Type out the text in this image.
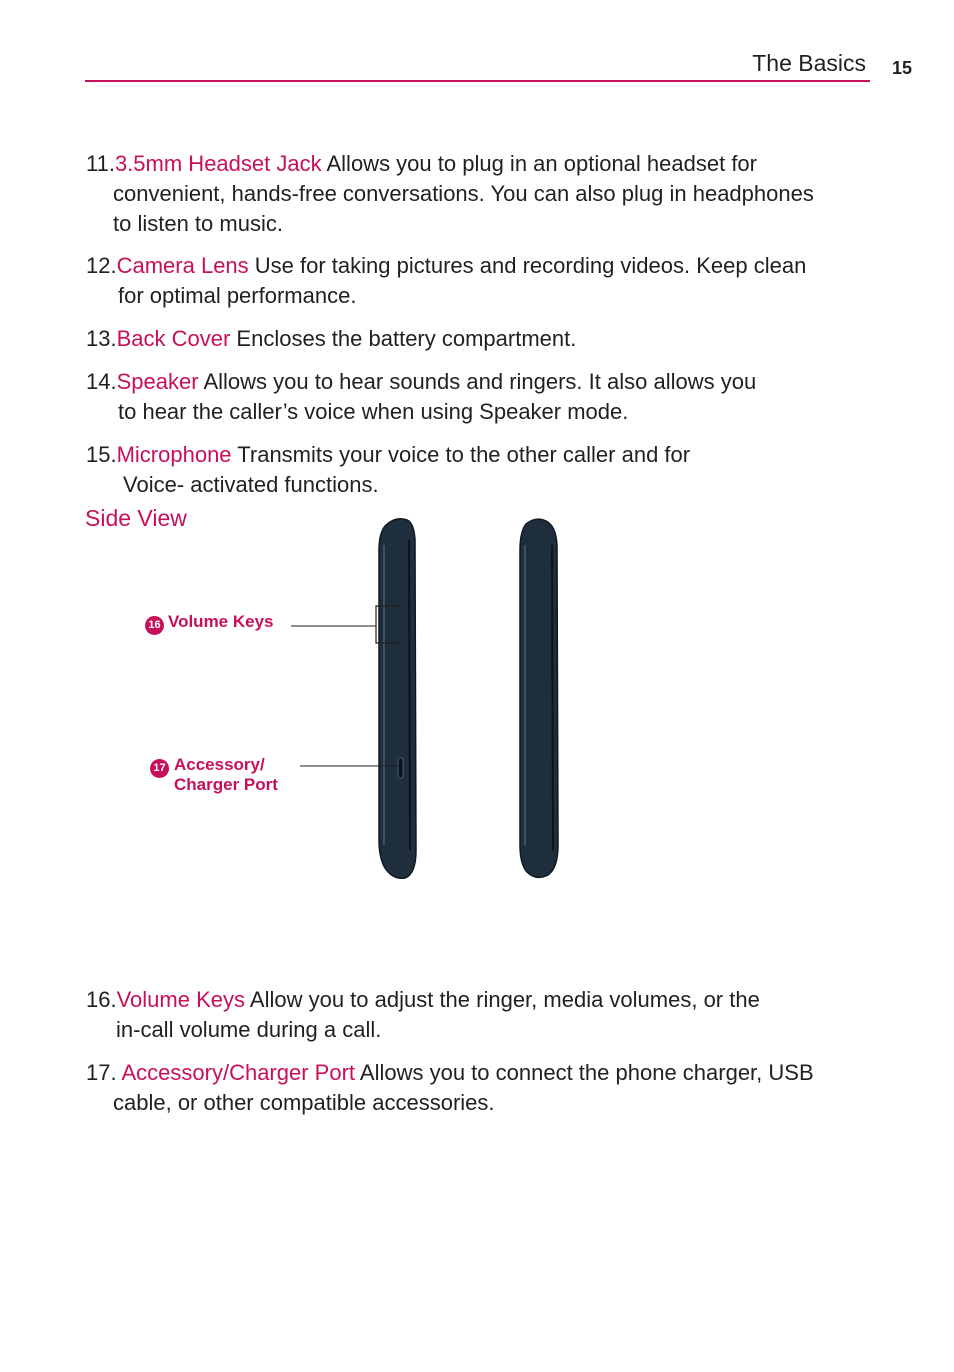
The Basics 15
11.3.5mm Headset Jack Allows you to plug in an optional headset for
convenient, hands-free conversations. You can also plug in headphones
to listen to music.
12.Camera Lens Use for taking pictures and recording videos. Keep clean
for optimal performance.
13.Back Cover Encloses the battery compartment.
14.Speaker Allows you to hear sounds and ringers. It also allows you
to hear the caller’s voice when using Speaker mode.
15.Microphone Transmits your voice to the other caller and for
Voice- activated functions.
Side View
16 Volume Keys
17 Accessory/
Charger Port
16.Volume Keys Allow you to adjust the ringer, media volumes, or the
in-call volume during a call.
17. Accessory/Charger Port Allows you to connect the phone charger, USB
cable, or other compatible accessories.
